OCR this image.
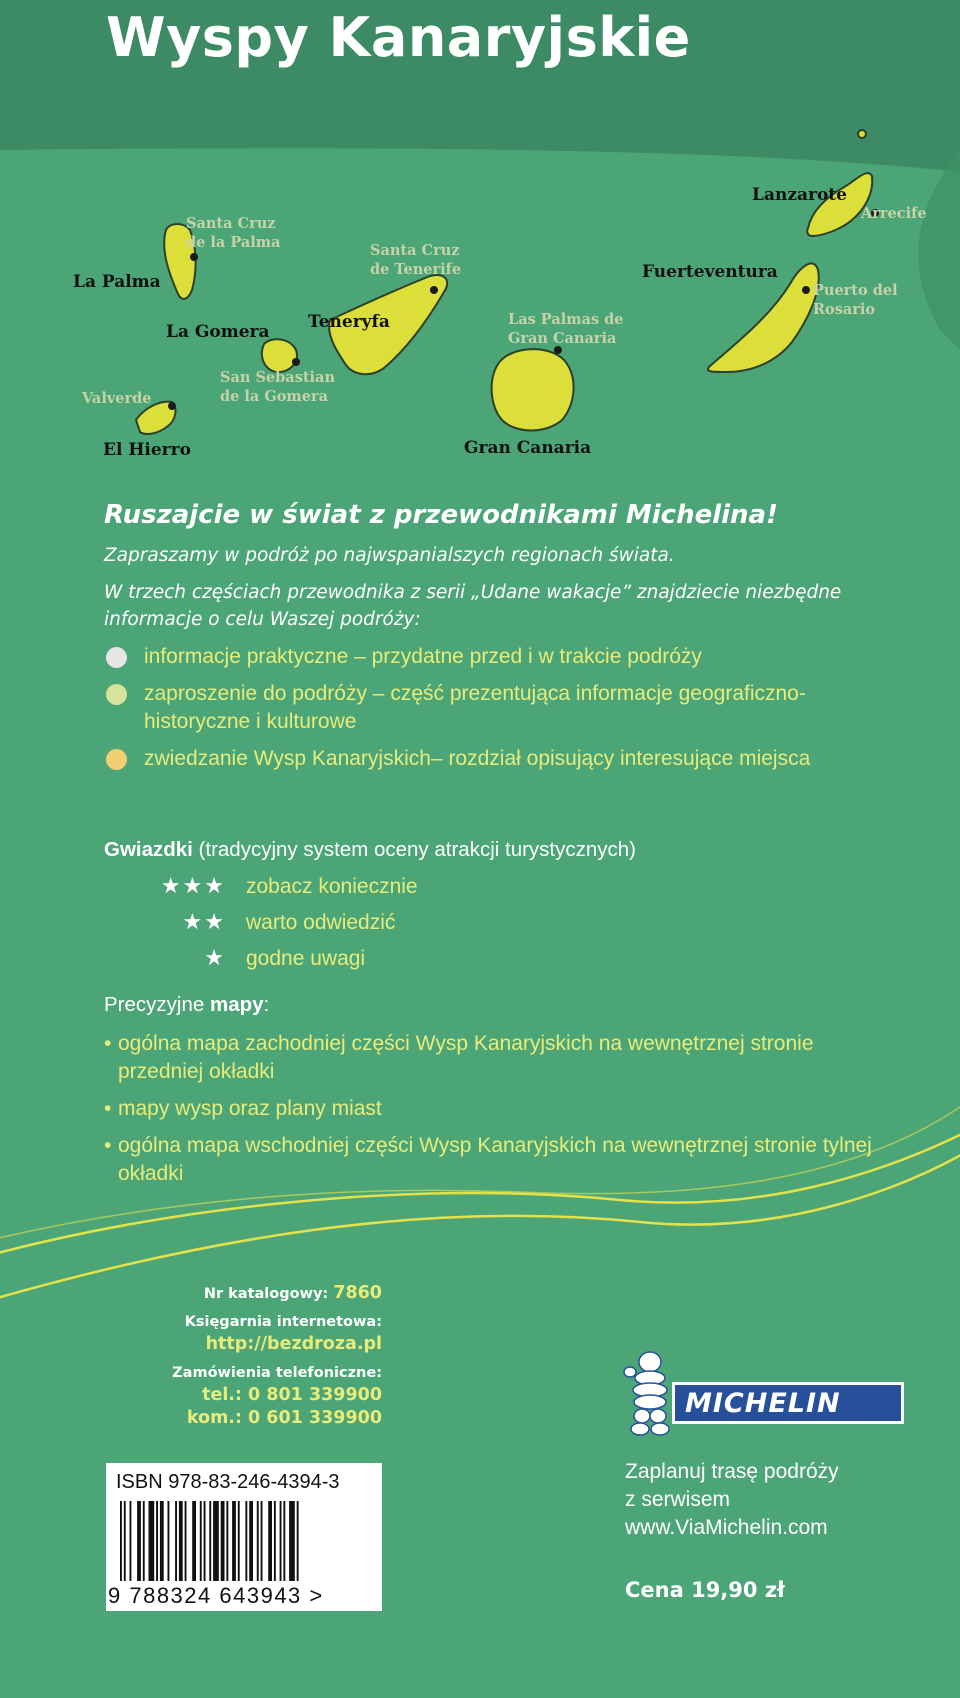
Wyspy Kanaryjskie
La Palma
La Gomera
El Hierro
Teneryfa
Gran Canaria
Fuerteventura
Lanzarote
Santa Cruz
de la Palma
San Sebastian
de la Gomera
Valverde
Santa Cruz
de Tenerife
Las Palmas de
Gran Canaria
Puerto del
Rosario
Arrecife
Ruszajcie w świat z przewodnikami Michelina!

Zapraszamy w podróż po najwspanialszych regionach świata.

W trzech częściach przewodnika z serii „Udane wakacje” znajdziecie niezbędne informacje o celu Waszej podróży:

informacje praktyczne – przydatne przed i w trakcie podróży
zaproszenie do podróży – część prezentująca informacje geograficzno-historyczne i kulturowe
zwiedzanie Wysp Kanaryjskich– rozdział opisujący interesujące miejsca
Gwiazdki (tradycyjny system oceny atrakcji turystycznych)
★★★ zobacz koniecznie
★★ warto odwiedzić
★ godne uwagi
Precyzyjne mapy:
• ogólna mapa zachodniej części Wysp Kanaryjskich na wewnętrznej stronie przedniej okładki
• mapy wysp oraz plany miast
• ogólna mapa wschodniej części Wysp Kanaryjskich na wewnętrznej stronie tylnej okładki
Nr katalogowy: 7860
Księgarnia internetowa:
http://bezdroza.pl
Zamówienia telefoniczne:
tel.: 0 801 339900
kom.: 0 601 339900
ISBN 978-83-246-4394-3
9 788324 643943 >
MICHELIN
Zaplanuj trasę podróży
z serwisem
www.ViaMichelin.com
Cena 19,90 zł
